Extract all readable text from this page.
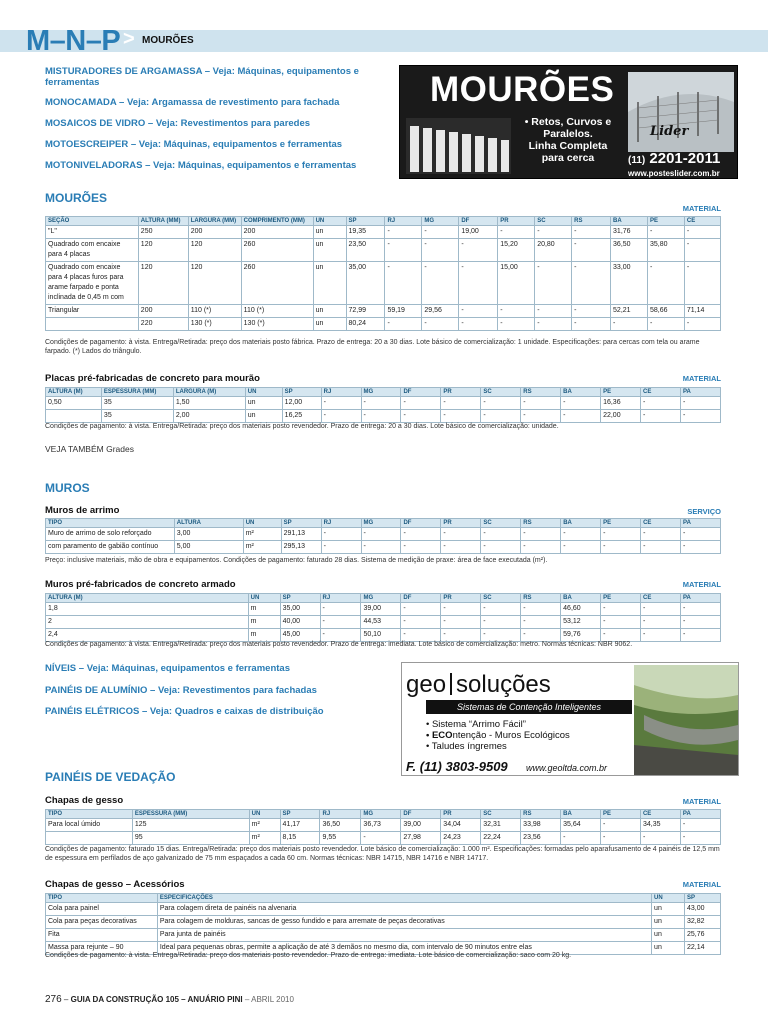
M–N–P > MOURÕES
MISTURADORES DE ARGAMASSA – Veja: Máquinas, equipamentos e ferramentas
MONOCAMADA – Veja: Argamassa de revestimento para fachada
MOSAICOS DE VIDRO – Veja: Revestimentos para paredes
MOTOESCREIPER – Veja: Máquinas, equipamentos e ferramentas
MOTONIVELADORAS – Veja: Máquinas, equipamentos e ferramentas
MOURÕES
• Retos, Curvos e
Paralelos.
Linha Completa
para cerca
Lider
(11) 2201-2011
www.posteslider.com.br
MOURÕES
MATERIAL
SEÇÃO	ALTURA (MM)	LARGURA (MM)	COMPRIMENTO (MM)	UN	SP	RJ	MG	DF	PR	SC	RS	BA	PE	CE
"L"	250	200	200	un	19,35	-	-	19,00	-	-	-	31,76	-	-
Quadrado com encaixe para 4 placas	120	120	260	un	23,50	-	-	-	15,20	20,80	-	36,50	35,80	-
Quadrado com encaixe para 4 placas furos para arame farpado e ponta inclinada de 0,45 m com	120	120	260	un	35,00	-	-	-	15,00	-	-	33,00	-	-
Triangular	200	110 (*)	110 (*)	un	72,99	59,19	29,56	-	-	-	-	52,21	58,66	71,14
	220	130 (*)	130 (*)	un	80,24	-	-	-	-	-	-	-	-	-
Condições de pagamento: à vista. Entrega/Retirada: preço dos materiais posto fábrica. Prazo de entrega: 20 a 30 dias. Lote básico de comercialização: 1 unidade. Especificações: para cercas com tela ou arame farpado. (*) Lados do triângulo.
Placas pré-fabricadas de concreto para mourão	MATERIAL
ALTURA (M)	ESPESSURA (MM)	LARGURA (M)	UN	SP	RJ	MG	DF	PR	SC	RS	BA	PE	CE	PA
0,50	35	1,50	un	12,00	-	-	-	-	-	-	-	16,36	-	-
	35	2,00	un	16,25	-	-	-	-	-	-	-	22,00	-	-
Condições de pagamento: à vista. Entrega/Retirada: preço dos materiais posto revendedor. Prazo de entrega: 20 a 30 dias. Lote básico de comercialização: unidade.
VEJA TAMBÉM Grades
MUROS
Muros de arrimo	SERVIÇO
TIPO	ALTURA	UN	SP	RJ	MG	DF	PR	SC	RS	BA	PE	CE	PA
Muro de arrimo de solo reforçado	3,00	m²	291,13	-	-	-	-	-	-	-	-	-	-
com paramento de gabião contínuo	5,00	m²	295,13	-	-	-	-	-	-	-	-	-	-
Preço: inclusive materiais, mão de obra e equipamentos. Condições de pagamento: faturado 28 dias. Sistema de medição de praxe: área de face executada (m²).
Muros pré-fabricados de concreto armado	MATERIAL
ALTURA (M)	UN	SP	RJ	MG	DF	PR	SC	RS	BA	PE	CE	PA
1,8	m	35,00	-	39,00	-	-	-	-	46,60	-	-	-
2	m	40,00	-	44,53	-	-	-	-	53,12	-	-	-
2,4	m	45,00	-	50,10	-	-	-	-	59,76	-	-	-
Condições de pagamento: à vista. Entrega/Retirada: preço dos materiais posto revendedor. Prazo de entrega: imediata. Lote básico de comercialização: metro. Normas técnicas: NBR 9062.
NÍVEIS – Veja: Máquinas, equipamentos e ferramentas
PAINÉIS DE ALUMÍNIO – Veja: Revestimentos para fachadas
PAINÉIS ELÉTRICOS – Veja: Quadros e caixas de distribuição
geo soluções
Sistemas de Contenção Inteligentes
• Sistema “Arrimo Fácil”
• ECOntenção - Muros Ecológicos
• Taludes íngremes
F. (11) 3803-9509 www.geoltda.com.br
PAINÉIS DE VEDAÇÃO
Chapas de gesso	MATERIAL
TIPO	ESPESSURA (MM)	UN	SP	RJ	MG	DF	PR	SC	RS	BA	PE	CE	PA
Para local úmido	125	m²	41,17	36,50	36,73	39,00	34,04	32,31	33,98	35,64	-	34,35	-
	95	m²	8,15	9,55	-	27,98	24,23	22,24	23,56	-	-	-	-
Condições de pagamento: faturado 15 dias. Entrega/Retirada: preço dos materiais posto revendedor. Lote básico de comercialização: 1.000 m². Especificações: formadas pelo aparafusamento de 4 painéis de 12,5 mm de espessura em perfilados de aço galvanizado de 75 mm espaçados a cada 60 cm. Normas técnicas: NBR 14715, NBR 14716 e NBR 14717.
Chapas de gesso – Acessórios	MATERIAL
TIPO	ESPECIFICAÇÕES	UN	SP
Cola para painel	Para colagem direta de painéis na alvenaria	un	43,00
Cola para peças decorativas	Para colagem de molduras, sancas de gesso fundido e para arremate de peças decorativas	un	32,82
Fita	Para junta de painéis	un	25,76
Massa para rejunte – 90	Ideal para pequenas obras, permite a aplicação de até 3 demãos no mesmo dia, com intervalo de 90 minutos entre elas	un	22,14
Condições de pagamento: à vista. Entrega/Retirada: preço dos materiais posto revendedor. Prazo de entrega: imediata. Lote básico de comercialização: saco com 20 kg.
276 – GUIA DA CONSTRUÇÃO 105 – ANUÁRIO PINI – ABRIL 2010
